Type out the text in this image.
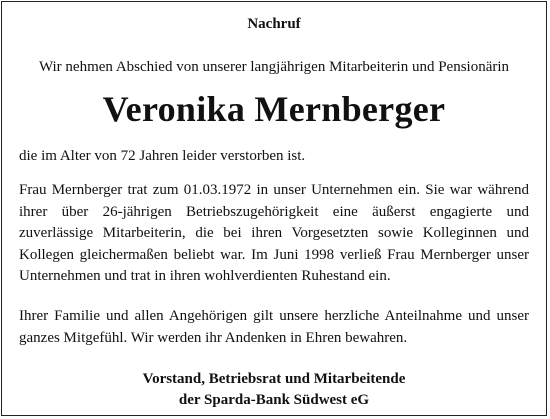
Nachruf
Wir nehmen Abschied von unserer langjährigen Mitarbeiterin und Pensionärin
Veronika Mernberger
die im Alter von 72 Jahren leider verstorben ist.
Frau Mernberger trat zum 01.03.1972 in unser Unternehmen ein. Sie war während ihrer über 26-jährigen Betriebszugehörigkeit eine äußerst engagierte und zuverlässige Mitarbeiterin, die bei ihren Vorgesetzten sowie Kolleginnen und Kollegen gleichermaßen beliebt war. Im Juni 1998 verließ Frau Mernberger unser Unternehmen und trat in ihren wohlverdienten Ruhestand ein.
Ihrer Familie und allen Angehörigen gilt unsere herzliche Anteilnahme und unser ganzes Mitgefühl. Wir werden ihr Andenken in Ehren bewahren.
Vorstand, Betriebsrat und Mitarbeitende
der Sparda-Bank Südwest eG
